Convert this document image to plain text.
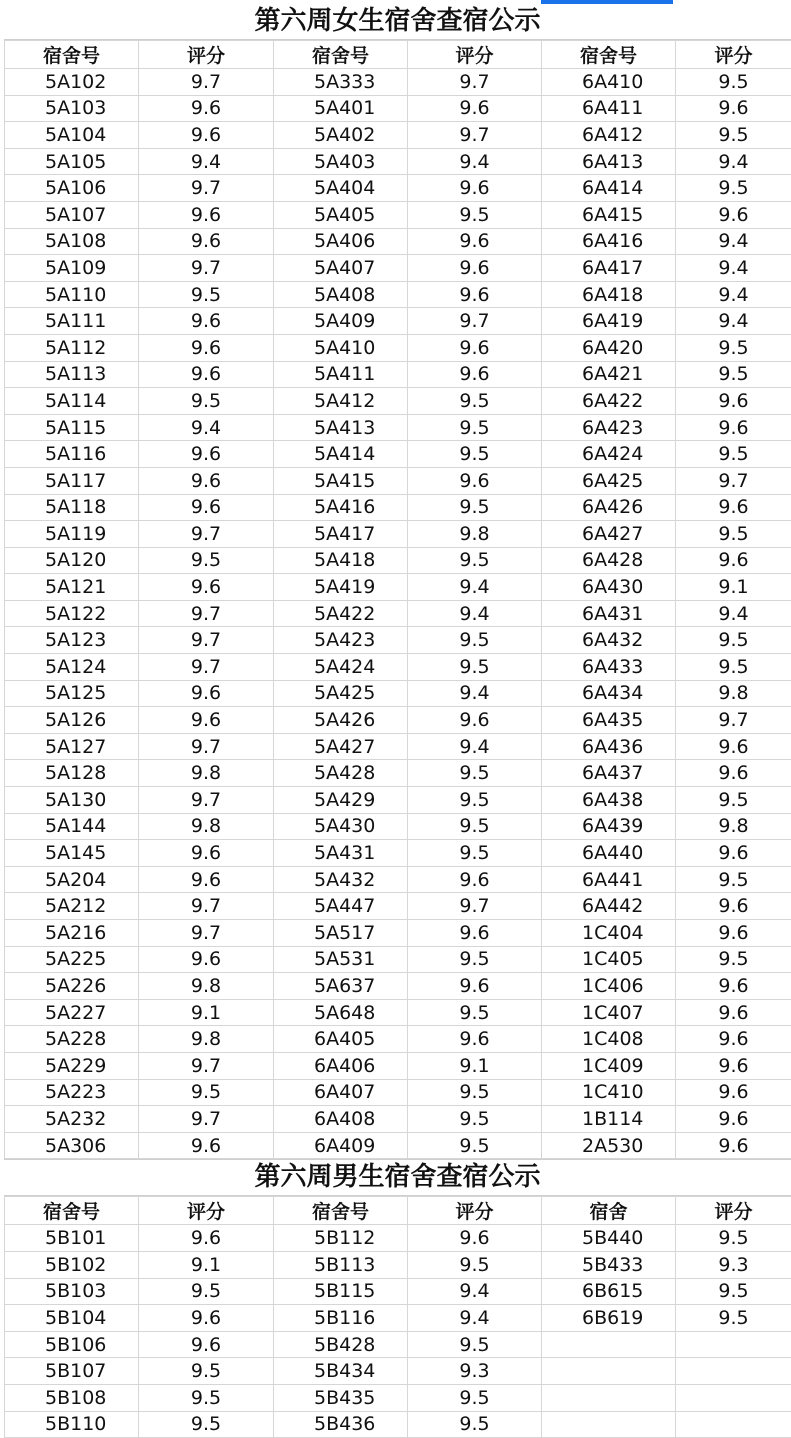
第六周女生宿舍查宿公示
宿舍号	评分	宿舍号	评分	宿舍号	评分
5A102	9.7	5A333	9.7	6A410	9.5
5A103	9.6	5A401	9.6	6A411	9.6
5A104	9.6	5A402	9.7	6A412	9.5
5A105	9.4	5A403	9.4	6A413	9.4
5A106	9.7	5A404	9.6	6A414	9.5
5A107	9.6	5A405	9.5	6A415	9.6
5A108	9.6	5A406	9.6	6A416	9.4
5A109	9.7	5A407	9.6	6A417	9.4
5A110	9.5	5A408	9.6	6A418	9.4
5A111	9.6	5A409	9.7	6A419	9.4
5A112	9.6	5A410	9.6	6A420	9.5
5A113	9.6	5A411	9.6	6A421	9.5
5A114	9.5	5A412	9.5	6A422	9.6
5A115	9.4	5A413	9.5	6A423	9.6
5A116	9.6	5A414	9.5	6A424	9.5
5A117	9.6	5A415	9.6	6A425	9.7
5A118	9.6	5A416	9.5	6A426	9.6
5A119	9.7	5A417	9.8	6A427	9.5
5A120	9.5	5A418	9.5	6A428	9.6
5A121	9.6	5A419	9.4	6A430	9.1
5A122	9.7	5A422	9.4	6A431	9.4
5A123	9.7	5A423	9.5	6A432	9.5
5A124	9.7	5A424	9.5	6A433	9.5
5A125	9.6	5A425	9.4	6A434	9.8
5A126	9.6	5A426	9.6	6A435	9.7
5A127	9.7	5A427	9.4	6A436	9.6
5A128	9.8	5A428	9.5	6A437	9.6
5A130	9.7	5A429	9.5	6A438	9.5
5A144	9.8	5A430	9.5	6A439	9.8
5A145	9.6	5A431	9.5	6A440	9.6
5A204	9.6	5A432	9.6	6A441	9.5
5A212	9.7	5A447	9.7	6A442	9.6
5A216	9.7	5A517	9.6	1C404	9.6
5A225	9.6	5A531	9.5	1C405	9.5
5A226	9.8	5A637	9.6	1C406	9.6
5A227	9.1	5A648	9.5	1C407	9.6
5A228	9.8	6A405	9.6	1C408	9.6
5A229	9.7	6A406	9.1	1C409	9.6
5A223	9.5	6A407	9.5	1C410	9.6
5A232	9.7	6A408	9.5	1B114	9.6
5A306	9.6	6A409	9.5	2A530	9.6
第六周男生宿舍查宿公示
宿舍号	评分	宿舍号	评分	宿舍	评分
5B101	9.6	5B112	9.6	5B440	9.5
5B102	9.1	5B113	9.5	5B433	9.3
5B103	9.5	5B115	9.4	6B615	9.5
5B104	9.6	5B116	9.4	6B619	9.5
5B106	9.6	5B428	9.5		
5B107	9.5	5B434	9.3		
5B108	9.5	5B435	9.5		
5B110	9.5	5B436	9.5		
